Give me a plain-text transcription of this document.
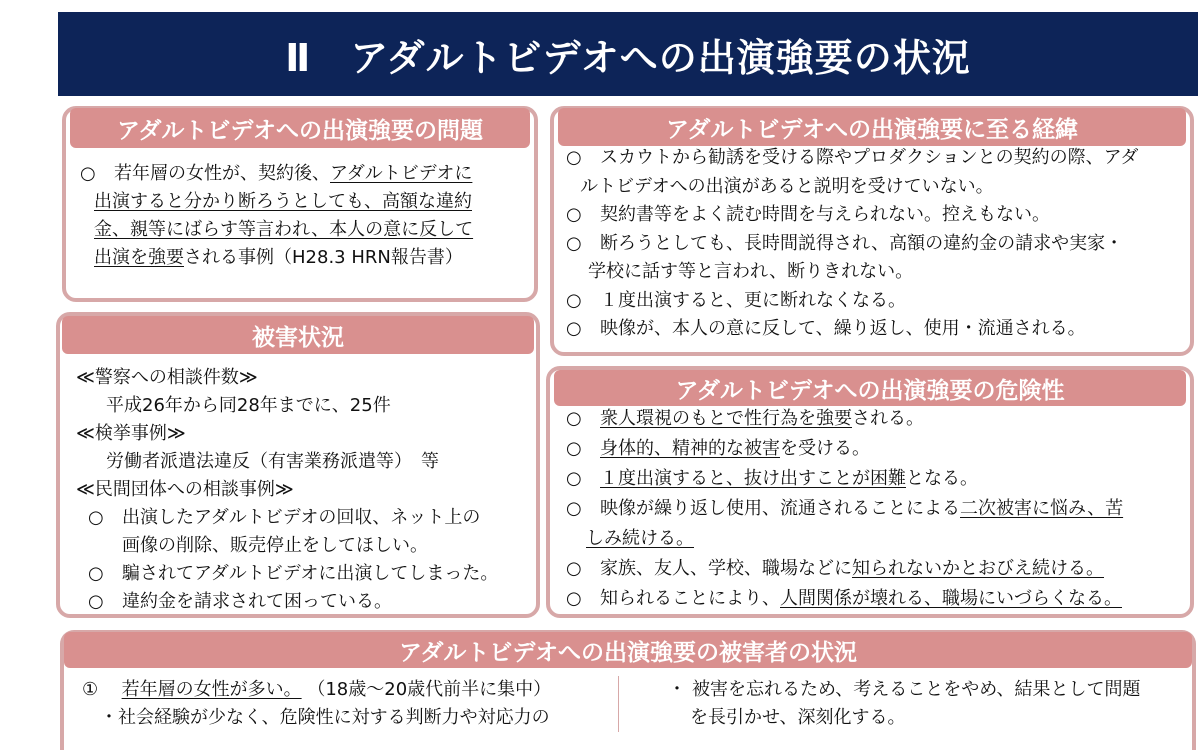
Ⅱ　アダルトビデオへの出演強要の状況
アダルトビデオへの出演強要の問題
○	若年層の女性が、契約後、アダルトビデオに
出演すると分かり断ろうとしても、高額な違約
金、親等にばらす等言われ、本人の意に反して
出演を強要される事例（H28.3 HRN報告書）
被害状況
≪警察への相談件数≫
平成26年から同28年までに、25件
≪検挙事例≫
労働者派遣法違反（有害業務派遣等）　等
≪民間団体への相談事例≫
○	出演したアダルトビデオの回収、ネット上の
画像の削除、販売停止をしてほしい。
○	騙されてアダルトビデオに出演してしまった。
○	違約金を請求されて困っている。
アダルトビデオへの出演強要に至る経緯
○	スカウトから勧誘を受ける際やプロダクションとの契約の際、アダ
ルトビデオへの出演があると説明を受けていない。
○	契約書等をよく読む時間を与えられない。控えもない。
○	断ろうとしても、長時間説得され、高額の違約金の請求や実家・
学校に話す等と言われ、断りきれない。
○	１度出演すると、更に断れなくなる。
○	映像が、本人の意に反して、繰り返し、使用・流通される。
アダルトビデオへの出演強要の危険性
○	衆人環視のもとで性行為を強要される。
○	身体的、精神的な被害を受ける。
○	１度出演すると、抜け出すことが困難となる。
○	映像が繰り返し使用、流通されることによる二次被害に悩み、苦
しみ続ける。
○	家族、友人、学校、職場などに知られないかとおびえ続ける。
○	知られることにより、人間関係が壊れる、職場にいづらくなる。
アダルトビデオへの出演強要の被害者の状況
① 若年層の女性が多い。 （18歳～20歳代前半に集中）
・社会経験が少なく、危険性に対する判断力や対応力の
・ 被害を忘れるため、考えることをやめ、結果として問題
を長引かせ、深刻化する。
